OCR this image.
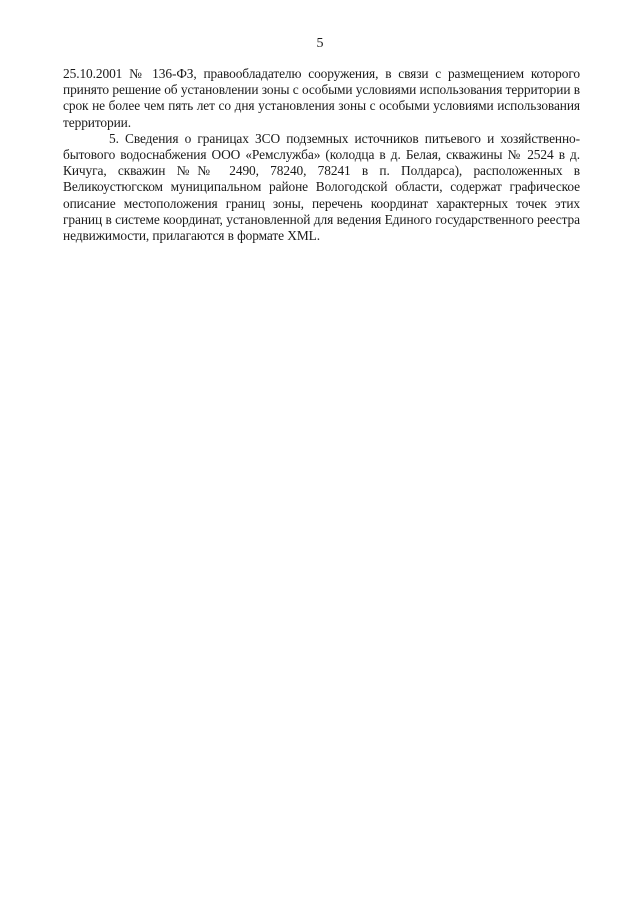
5

25.10.2001 № 136-ФЗ, правообладателю сооружения, в связи с размещением которого принято решение об установлении зоны с особыми условиями использования территории в срок не более чем пять лет со дня установления зоны с особыми условиями использования территории.

5. Сведения о границах ЗСО подземных источников питьевого и хозяйственно-бытового водоснабжения ООО «Ремслужба» (колодца в д. Белая, скважины № 2524 в д. Кичуга, скважин №№ 2490, 78240, 78241 в п. Полдарса), расположенных в Великоустюгском муниципальном районе Вологодской области, содержат графическое описание местоположения границ зоны, перечень координат характерных точек этих границ в системе координат, установленной для ведения Единого государственного реестра недвижимости, прилагаются в формате XML.
